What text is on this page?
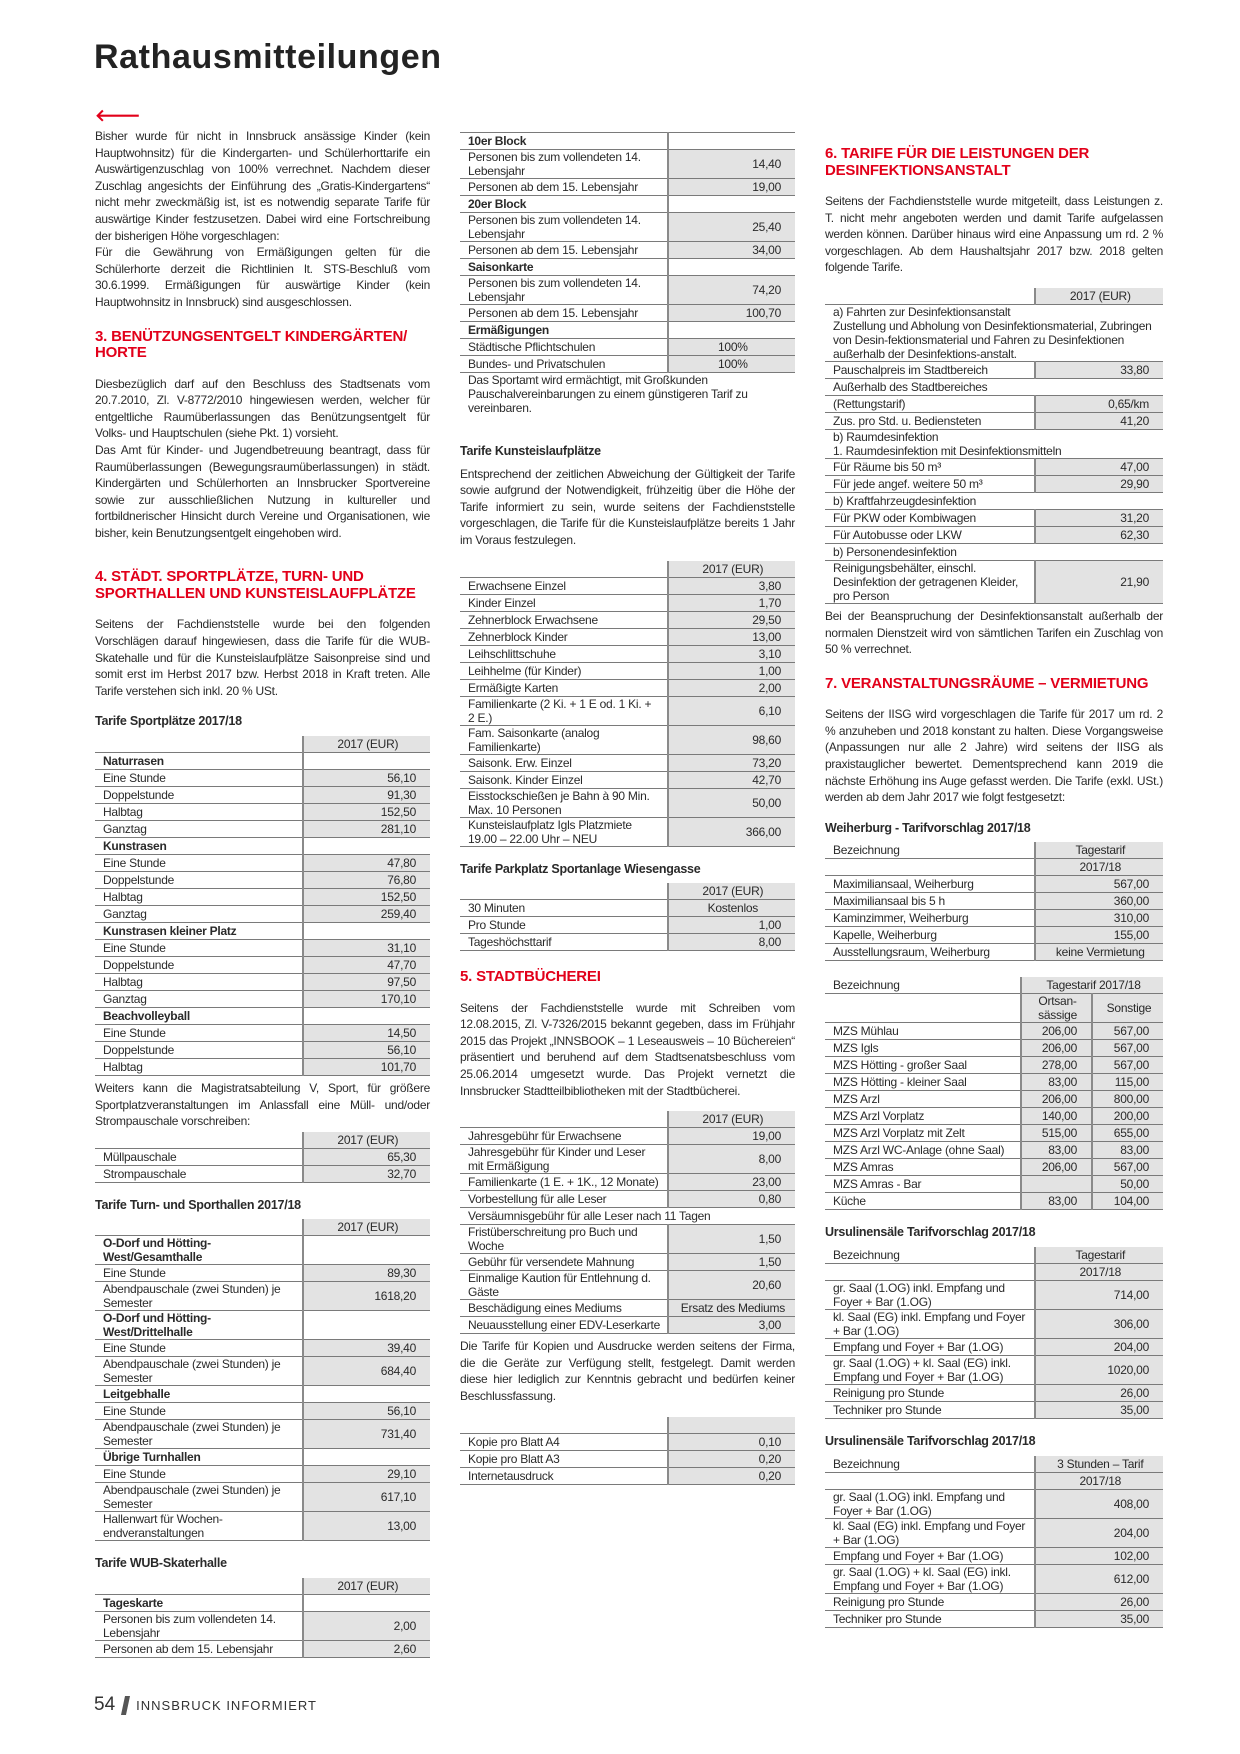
Rathausmitteilungen
🡐

Bisher wurde für nicht in Innsbruck ansässige Kinder (kein Hauptwohnsitz) für die Kindergarten- und Schülerhorttarife ein Auswärtigenzuschlag von 100% verrechnet. Nachdem dieser Zuschlag angesichts der Einführung des „Gratis-Kindergartens“ nicht mehr zweckmäßig ist, ist es notwendig separate Tarife für auswärtige Kinder festzusetzen. Dabei wird eine Fortschreibung der bisherigen Höhe vorgeschlagen:

Für die Gewährung von Ermäßigungen gelten für die Schülerhorte derzeit die Richtlinien lt. STS-Beschluß vom 30.6.1999. Ermäßigungen für auswärtige Kinder (kein Hauptwohnsitz in Innsbruck) sind ausgeschlossen.

3. BENÜTZUNGSENTGELT KINDERGÄRTEN/ HORTE

Diesbezüglich darf auf den Beschluss des Stadtsenats vom 20.7.2010, Zl. V-8772/2010 hingewiesen werden, welcher für entgeltliche Raumüberlassungen das Benützungsentgelt für Volks- und Hauptschulen (siehe Pkt. 1) vorsieht.

Das Amt für Kinder- und Jugendbetreuung beantragt, dass für Raumüberlassungen (Bewegungsraumüberlassungen) in städt. Kindergärten und Schülerhorten an Innsbrucker Sportvereine sowie zur ausschließlichen Nutzung in kultureller und fortbildnerischer Hinsicht durch Vereine und Organisationen, wie bisher, kein Benutzungsentgelt eingehoben wird.

4. STÄDT. SPORTPLÄTZE, TURN- UND SPORTHALLEN UND KUNSTEISLAUFPLÄTZE

Seitens der Fachdienststelle wurde bei den folgenden Vorschlägen darauf hingewiesen, dass die Tarife für die WUB-Skatehalle und für die Kunsteislaufplätze Saisonpreise sind und somit erst im Herbst 2017 bzw. Herbst 2018 in Kraft treten. Alle Tarife verstehen sich inkl. 20 % USt.

Tarife Sportplätze 2017/18
	2017 (EUR)
Naturrasen	
Eine Stunde	56,10
Doppelstunde	91,30
Halbtag	152,50
Ganztag	281,10
Kunstrasen	
Eine Stunde	47,80
Doppelstunde	76,80
Halbtag	152,50
Ganztag	259,40
Kunstrasen kleiner Platz	
Eine Stunde	31,10
Doppelstunde	47,70
Halbtag	97,50
Ganztag	170,10
Beachvolleyball	
Eine Stunde	14,50
Doppelstunde	56,10
Halbtag	101,70

Weiters kann die Magistratsabteilung V, Sport, für größere Sportplatzveranstaltungen im Anlassfall eine Müll- und/oder Strompauschale vorschreiben:

	2017 (EUR)
Müllpauschale	65,30
Strompauschale	32,70
Tarife Turn- und Sporthallen 2017/18
	2017 (EUR)
O-Dorf und Hötting-West/Gesamthalle	
Eine Stunde	89,30
Abendpauschale (zwei Stunden) je Semester	1618,20
O-Dorf und Hötting-West/Drittelhalle	
Eine Stunde	39,40
Abendpauschale (zwei Stunden) je Semester	684,40
Leitgebhalle	
Eine Stunde	56,10
Abendpauschale (zwei Stunden) je Semester	731,40
Übrige Turnhallen	
Eine Stunde	29,10
Abendpauschale (zwei Stunden) je Semester	617,10
Hallenwart für Wochen-endveranstaltungen	13,00
Tarife WUB-Skaterhalle
	2017 (EUR)
Tageskarte	
Personen bis zum vollendeten 14. Lebensjahr	2,00
Personen ab dem 15. Lebensjahr	2,60
10er Block	
Personen bis zum vollendeten 14. Lebensjahr	14,40
Personen ab dem 15. Lebensjahr	19,00
20er Block	
Personen bis zum vollendeten 14. Lebensjahr	25,40
Personen ab dem 15. Lebensjahr	34,00
Saisonkarte	
Personen bis zum vollendeten 14. Lebensjahr	74,20
Personen ab dem 15. Lebensjahr	100,70
Ermäßigungen	
Städtische Pflichtschulen	100%
Bundes- und Privatschulen	100%
Das Sportamt wird ermächtigt, mit Großkunden Pauschalvereinbarungen zu einem günstigeren Tarif zu vereinbaren.	
Tarife Kunsteislaufplätze

Entsprechend der zeitlichen Abweichung der Gültigkeit der Tarife sowie aufgrund der Notwendigkeit, frühzeitig über die Höhe der Tarife informiert zu sein, wurde seitens der Fachdienststelle vorgeschlagen, die Tarife für die Kunsteislaufplätze bereits 1 Jahr im Voraus festzulegen.

	2017 (EUR)
Erwachsene Einzel	3,80
Kinder Einzel	1,70
Zehnerblock Erwachsene	29,50
Zehnerblock Kinder	13,00
Leihschlittschuhe	3,10
Leihhelme (für Kinder)	1,00
Ermäßigte Karten	2,00
Familienkarte (2 Ki. + 1 E od. 1 Ki. + 2 E.)	6,10
Fam. Saisonkarte (analog Familienkarte)	98,60
Saisonk. Erw. Einzel	73,20
Saisonk. Kinder Einzel	42,70
Eisstockschießen je Bahn à 90 Min. Max. 10 Personen	50,00
Kunsteislaufplatz Igls Platzmiete 19.00 – 22.00 Uhr – NEU	366,00
Tarife Parkplatz Sportanlage Wiesengasse
	2017 (EUR)
30 Minuten	Kostenlos
Pro Stunde	1,00
Tageshöchsttarif	8,00
5. STADTBÜCHEREI

Seitens der Fachdienststelle wurde mit Schreiben vom 12.08.2015, Zl. V-7326/2015 bekannt gegeben, dass im Frühjahr 2015 das Projekt „INNSBOOK – 1 Leseausweis – 10 Büchereien“ präsentiert und beruhend auf dem Stadtsenatsbeschluss vom 25.06.2014 umgesetzt wurde. Das Projekt vernetzt die Innsbrucker Stadtteilbibliotheken mit der Stadtbücherei.

	2017 (EUR)
Jahresgebühr für Erwachsene	19,00
Jahresgebühr für Kinder und Leser mit Ermäßigung	8,00
Familienkarte (1 E. + 1K., 12 Monate)	23,00
Vorbestellung für alle Leser	0,80
Versäumnisgebühr für alle Leser nach 11 Tagen	
Fristüberschreitung pro Buch und Woche	1,50
Gebühr für versendete Mahnung	1,50
Einmalige Kaution für Entlehnung d. Gäste	20,60
Beschädigung eines Mediums	Ersatz des Mediums
Neuausstellung einer EDV-Leserkarte	3,00

Die Tarife für Kopien und Ausdrucke werden seitens der Firma, die die Geräte zur Verfügung stellt, festgelegt. Damit werden diese hier lediglich zur Kenntnis gebracht und bedürfen keiner Beschlussfassung.

Kopie pro Blatt A4	0,10
Kopie pro Blatt A3	0,20
Internetausdruck	0,20
6. TARIFE FÜR DIE LEISTUNGEN DER DESINFEKTIONSANSTALT

Seitens der Fachdienststelle wurde mitgeteilt, dass Leistungen z. T. nicht mehr angeboten werden und damit Tarife aufgelassen werden können. Darüber hinaus wird eine Anpassung um rd. 2 % vorgeschlagen. Ab dem Haushaltsjahr 2017 bzw. 2018 gelten folgende Tarife.

	2017 (EUR)
a) Fahrten zur Desinfektionsanstalt
Zustellung und Abholung von Desinfektionsmaterial, Zubringen von Desin-fektionsmaterial und Fahren zu Desinfektionen außerhalb der Desinfektions-anstalt.	
Pauschalpreis im Stadtbereich	33,80
Außerhalb des Stadtbereiches	
(Rettungstarif)	0,65/km
Zus. pro Std. u. Bediensteten	41,20
b) Raumdesinfektion
1. Raumdesinfektion mit Desinfektionsmitteln	
Für Räume bis 50 m³	47,00
Für jede angef. weitere 50 m³	29,90
b) Kraftfahrzeugdesinfektion	
Für PKW oder Kombiwagen	31,20
Für Autobusse oder LKW	62,30
b) Personendesinfektion	
Reinigungsbehälter, einschl. Desinfektion der getragenen Kleider, pro Person	21,90

Bei der Beanspruchung der Desinfektionsanstalt außerhalb der normalen Dienstzeit wird von sämtlichen Tarifen ein Zuschlag von 50 % verrechnet.

7. VERANSTALTUNGSRÄUME – VERMIETUNG

Seitens der IISG wird vorgeschlagen die Tarife für 2017 um rd. 2 % anzuheben und 2018 konstant zu halten. Diese Vorgangsweise (Anpassungen nur alle 2 Jahre) wird seitens der IISG als praxistauglicher bewertet. Dementsprechend kann 2019 die nächste Erhöhung ins Auge gefasst werden. Die Tarife (exkl. USt.) werden ab dem Jahr 2017 wie folgt festgesetzt:

Weiherburg - Tarifvorschlag 2017/18
Bezeichnung	Tagestarif
	2017/18
Maximiliansaal, Weiherburg	567,00
Maximiliansaal bis 5 h	360,00
Kaminzimmer, Weiherburg	310,00
Kapelle, Weiherburg	155,00
Ausstellungsraum, Weiherburg	keine Vermietung
Bezeichnung	Tagestarif 2017/18	
	Ortsan-sässige	Sonstige
MZS Mühlau	206,00	567,00
MZS Igls	206,00	567,00
MZS Hötting - großer Saal	278,00	567,00
MZS Hötting - kleiner Saal	83,00	115,00
MZS Arzl	206,00	800,00
MZS Arzl Vorplatz	140,00	200,00
MZS Arzl Vorplatz mit Zelt	515,00	655,00
MZS Arzl WC-Anlage (ohne Saal)	83,00	83,00
MZS Amras	206,00	567,00
MZS Amras - Bar		50,00
Küche	83,00	104,00
Ursulinensäle Tarifvorschlag 2017/18
Bezeichnung	Tagestarif
	2017/18
gr. Saal (1.OG) inkl. Empfang und Foyer + Bar (1.OG)	714,00
kl. Saal (EG) inkl. Empfang und Foyer + Bar (1.OG)	306,00
Empfang und Foyer + Bar (1.OG)	204,00
gr. Saal (1.OG) + kl. Saal (EG) inkl. Empfang und Foyer + Bar (1.OG)	1020,00
Reinigung pro Stunde	26,00
Techniker pro Stunde	35,00
Ursulinensäle Tarifvorschlag 2017/18
Bezeichnung	3 Stunden – Tarif
	2017/18
gr. Saal (1.OG) inkl. Empfang und Foyer + Bar (1.OG)	408,00
kl. Saal (EG) inkl. Empfang und Foyer + Bar (1.OG)	204,00
Empfang und Foyer + Bar (1.OG)	102,00
gr. Saal (1.OG) + kl. Saal (EG) inkl. Empfang und Foyer + Bar (1.OG)	612,00
Reinigung pro Stunde	26,00
Techniker pro Stunde	35,00
54 INNSBRUCK INFORMIERT
